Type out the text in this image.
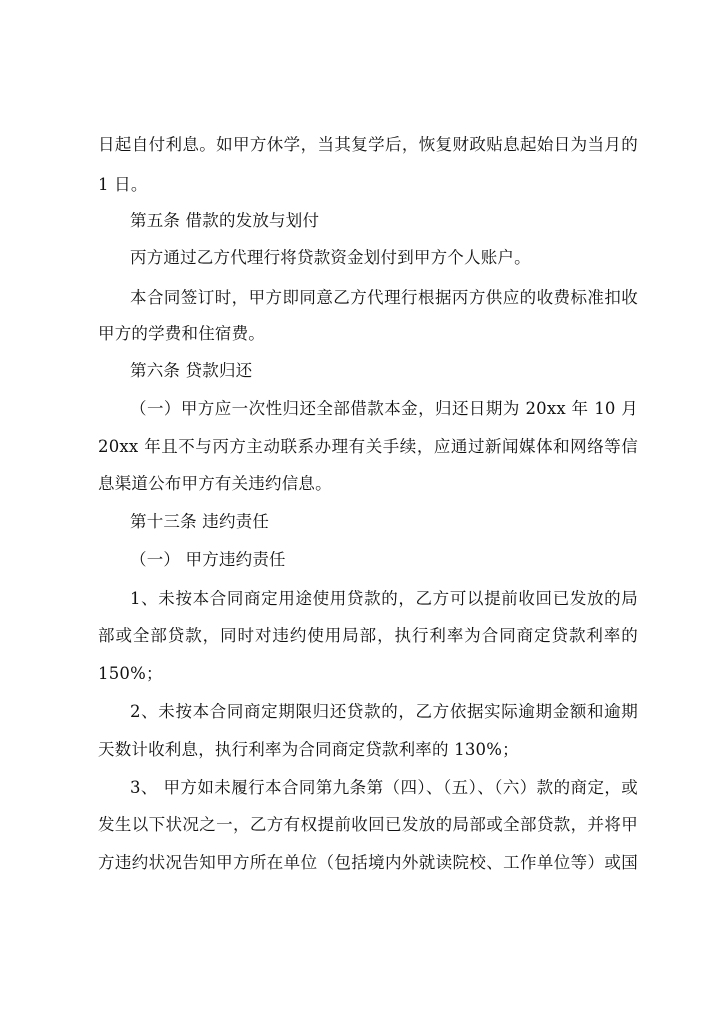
日起自付利息。如甲方休学，当其复学后，恢复财政贴息起始日为当月的
1 日。
第五条 借款的发放与划付
丙方通过乙方代理行将贷款资金划付到甲方个人账户。
本合同签订时，甲方即同意乙方代理行根据丙方供应的收费标准扣收
甲方的学费和住宿费。
第六条 贷款归还
（一）甲方应一次性归还全部借款本金，归还日期为 20xx 年 10 月
20xx 年且不与丙方主动联系办理有关手续，应通过新闻媒体和网络等信
息渠道公布甲方有关违约信息。
第十三条 违约责任
（一） 甲方违约责任
1、未按本合同商定用途使用贷款的，乙方可以提前收回已发放的局
部或全部贷款，同时对违约使用局部，执行利率为合同商定贷款利率的
150%；
2、未按本合同商定期限归还贷款的，乙方依据实际逾期金额和逾期
天数计收利息，执行利率为合同商定贷款利率的 130%；
3、 甲方如未履行本合同第九条第（四）、（五）、（六）款的商定，或
发生以下状况之一，乙方有权提前收回已发放的局部或全部贷款，并将甲
方违约状况告知甲方所在单位（包括境内外就读院校、工作单位等）或国
